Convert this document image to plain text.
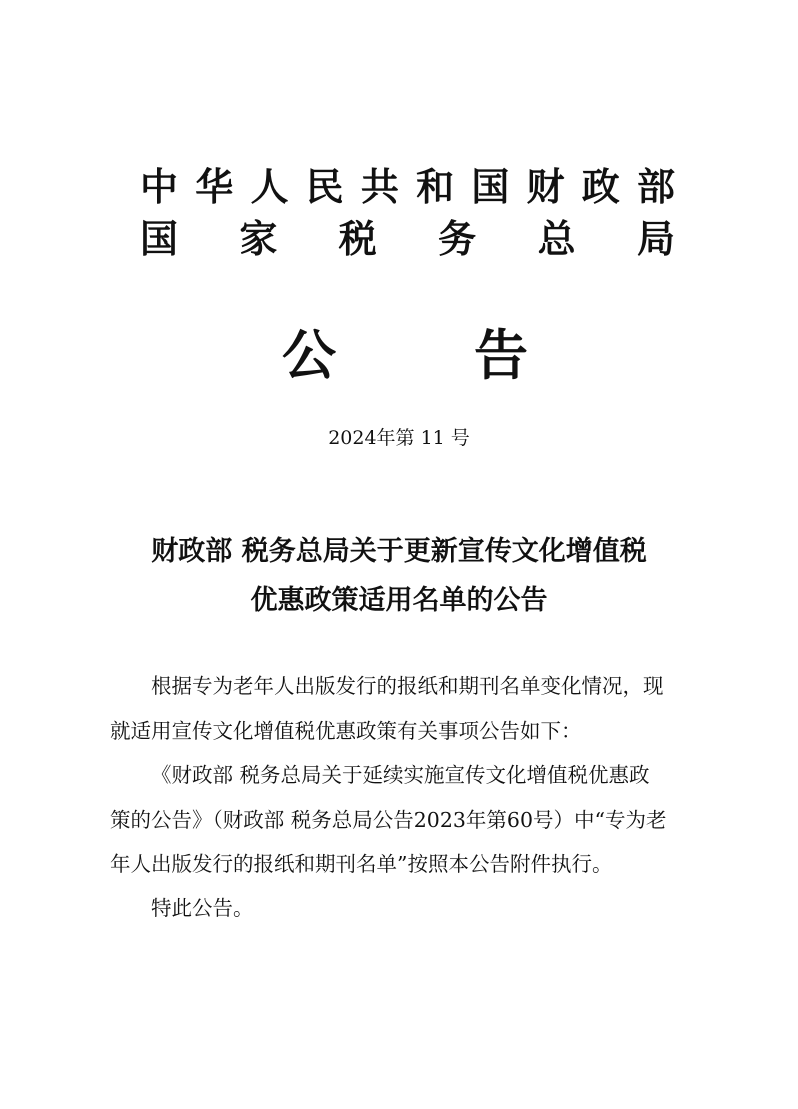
中 华 人 民 共 和 国 财 政 部
国 家 税 务 总 局
公	告
2024年第 11 号
财政部 税务总局关于更新宣传文化增值税
优惠政策适用名单的公告
根据专为老年人出版发行的报纸和期刊名单变化情况，现
就适用宣传文化增值税优惠政策有关事项公告如下：
《财政部 税务总局关于延续实施宣传文化增值税优惠政
策的公告》（财政部 税务总局公告2023年第60号）中“专为老
年人出版发行的报纸和期刊名单”按照本公告附件执行。
特此公告。
